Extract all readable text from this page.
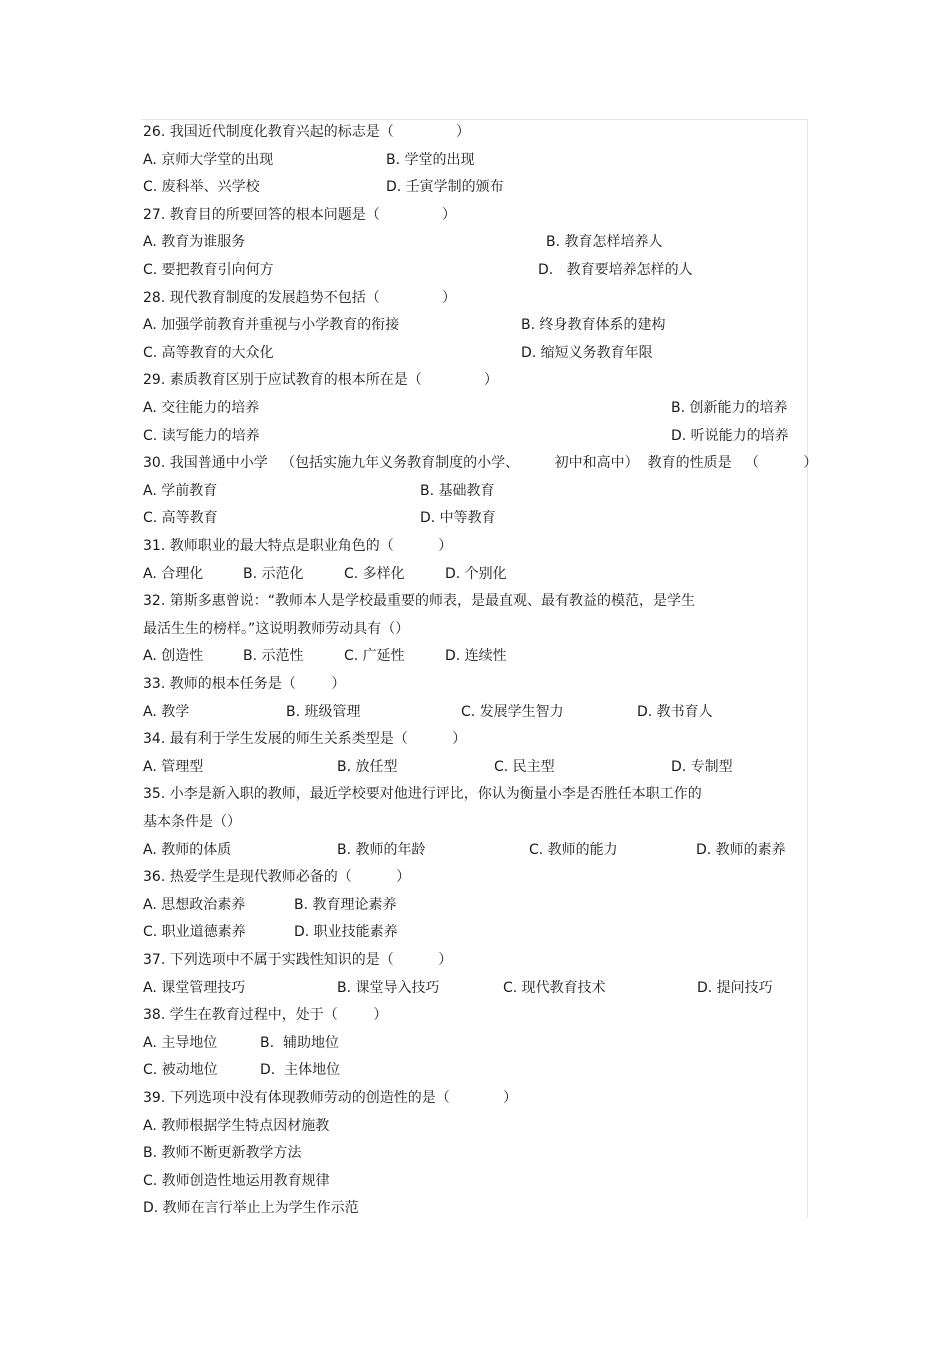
26. 我国近代制度化教育兴起的标志是（              ）
A. 京师大学堂的出现	B. 学堂的出现
C. 废科举、兴学校	D. 壬寅学制的颁布
27. 教育目的所要回答的根本问题是（              ）
A. 教育为谁服务	B. 教育怎样培养人
C. 要把教育引向何方	D.   教育要培养怎样的人
28. 现代教育制度的发展趋势不包括（              ）
A. 加强学前教育并重视与小学教育的衔接	B. 终身教育体系的建构
C. 高等教育的大众化	D. 缩短义务教育年限
29. 素质教育区别于应试教育的根本所在是（              ）
A. 交往能力的培养	B. 创新能力的培养
C. 读写能力的培养	D. 听说能力的培养
30. 我国普通中小学   （包括实施九年义务教育制度的小学、        初中和高中）  教育的性质是   （          ）
A. 学前教育	B. 基础教育
C. 高等教育	D. 中等教育
31. 教师职业的最大特点是职业角色的（          ）
A. 合理化	B. 示范化	C. 多样化	D. 个别化
32. 第斯多惠曾说：“教师本人是学校最重要的师表，是最直观、最有教益的模范，是学生
最活生生的榜样。”这说明教师劳动具有（）
A. 创造性	B. 示范性	C. 广延性	D. 连续性
33. 教师的根本任务是（        ）
A. 教学	B. 班级管理	C. 发展学生智力	D. 教书育人
34. 最有利于学生发展的师生关系类型是（          ）
A. 管理型	B. 放任型	C. 民主型	D. 专制型
35. 小李是新入职的教师，最近学校要对他进行评比，你认为衡量小李是否胜任本职工作的
基本条件是（）
A. 教师的体质	B. 教师的年龄	C. 教师的能力	D. 教师的素养
36. 热爱学生是现代教师必备的（          ）
A. 思想政治素养	B. 教育理论素养
C. 职业道德素养	D. 职业技能素养
37. 下列选项中不属于实践性知识的是（          ）
A. 课堂管理技巧	B. 课堂导入技巧	C. 现代教育技术	D. 提问技巧
38. 学生在教育过程中，处于（        ）
A. 主导地位	B.  辅助地位
C. 被动地位	D.  主体地位
39. 下列选项中没有体现教师劳动的创造性的是（            ）
A. 教师根据学生特点因材施教
B. 教师不断更新教学方法
C. 教师创造性地运用教育规律
D. 教师在言行举止上为学生作示范
